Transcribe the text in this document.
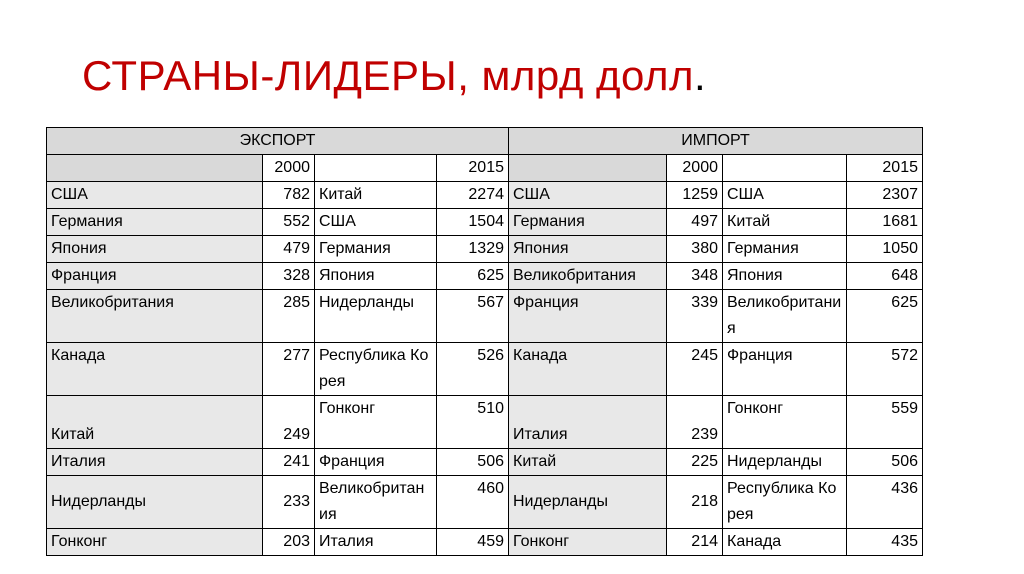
СТРАНЫ-ЛИДЕРЫ, млрд долл.
ЭКСПОРТ				ИМПОРТ			
	2000		2015		2000		2015
США	782	Китай	2274	США	1259	США	2307
Германия	552	США	1504	Германия	497	Китай	1681
Япония	479	Германия	1329	Япония	380	Германия	1050
Франция	328	Япония	625	Великобритания	348	Япония	648
Великобритания	285	Нидерланды	567	Франция	339	Великобритания	625
Канада	277	Республика Корея	526	Канада	245	Франция	572
Китай	249	Гонконг	510	Италия	239	Гонконг	559
Италия	241	Франция	506	Китай	225	Нидерланды	506
Нидерланды	233	Великобритания	460	Нидерланды	218	Республика Корея	436
Гонконг	203	Италия	459	Гонконг	214	Канада	435
